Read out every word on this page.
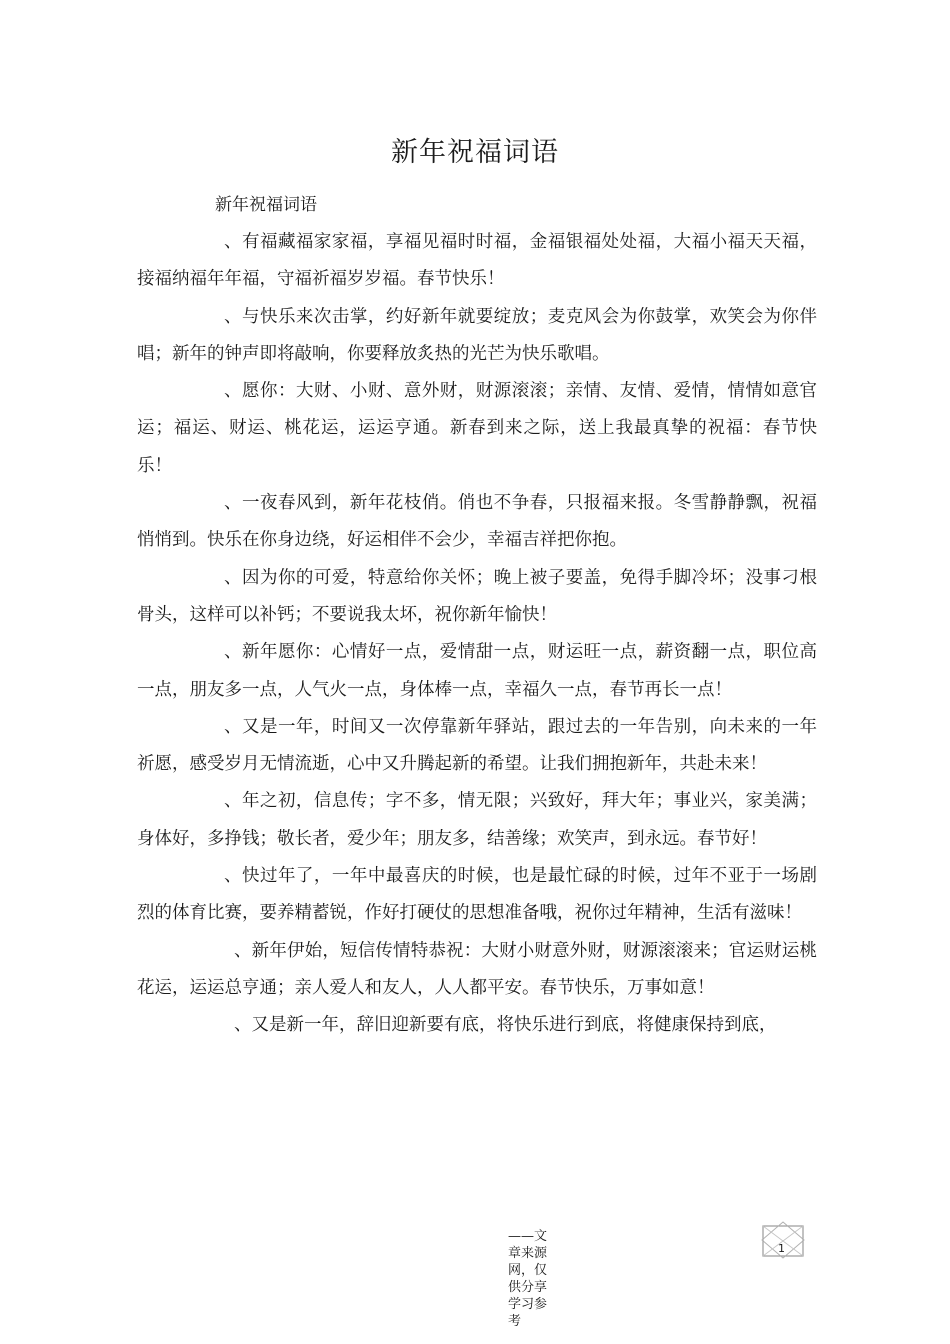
新年祝福词语
新年祝福词语

、有福藏福家家福，享福见福时时福，金福银福处处福，大福小福天天福，接福纳福年年福，守福祈福岁岁福。春节快乐！

、与快乐来次击掌，约好新年就要绽放；麦克风会为你鼓掌，欢笑会为你伴唱；新年的钟声即将敲响，你要释放炙热的光芒为快乐歌唱。

、愿你：大财、小财、意外财，财源滚滚；亲情、友情、爱情，情情如意官运；福运、财运、桃花运，运运亨通。新春到来之际，送上我最真挚的祝福：春节快乐！

、一夜春风到，新年花枝俏。俏也不争春，只报福来报。冬雪静静飘，祝福悄悄到。快乐在你身边绕，好运相伴不会少，幸福吉祥把你抱。

、因为你的可爱，特意给你关怀；晚上被子要盖，免得手脚冷坏；没事刁根骨头，这样可以补钙；不要说我太坏，祝你新年愉快！

、新年愿你：心情好一点，爱情甜一点，财运旺一点，薪资翻一点，职位高一点，朋友多一点，人气火一点，身体棒一点，幸福久一点，春节再长一点！

、又是一年，时间又一次停靠新年驿站，跟过去的一年告别，向未来的一年祈愿，感受岁月无情流逝，心中又升腾起新的希望。让我们拥抱新年，共赴未来！

、年之初，信息传；字不多，情无限；兴致好，拜大年；事业兴，家美满；身体好，多挣钱；敬长者，爱少年；朋友多，结善缘；欢笑声，到永远。春节好！

、快过年了，一年中最喜庆的时候，也是最忙碌的时候，过年不亚于一场剧烈的体育比赛，要养精蓄锐，作好打硬仗的思想准备哦，祝你过年精神，生活有滋味！

、新年伊始，短信传情特恭祝：大财小财意外财，财源滚滚来；官运财运桃花运，运运总亨通；亲人爱人和友人，人人都平安。春节快乐，万事如意！

、又是新一年，辞旧迎新要有底，将快乐进行到底，将健康保持到底，

1
——文章来源网，仅供分享学习参考
